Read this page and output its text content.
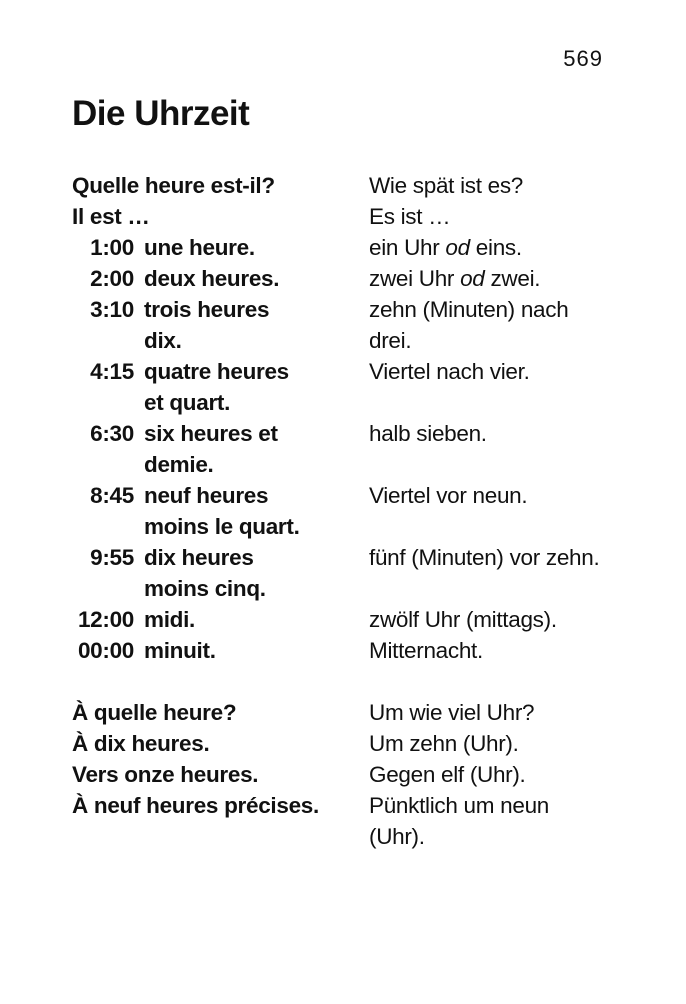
569
Die Uhrzeit
Quelle heure est-il?	Wie spät ist es?
Il est …	Es ist …
1:00 une heure.	ein Uhr od eins.
2:00 deux heures.	zwei Uhr od zwei.
3:10 trois heures	zehn (Minuten) nach
dix.	drei.
4:15 quatre heures	Viertel nach vier.
et quart.
6:30 six heures et	halb sieben.
demie.
8:45 neuf heures	Viertel vor neun.
moins le quart.
9:55 dix heures	fünf (Minuten) vor zehn.
moins cinq.
12:00 midi.	zwölf Uhr (mittags).
00:00 minuit.	Mitternacht.
À quelle heure?	Um wie viel Uhr?
À dix heures.	Um zehn (Uhr).
Vers onze heures.	Gegen elf (Uhr).
À neuf heures précises. Pünktlich um neun
(Uhr).
